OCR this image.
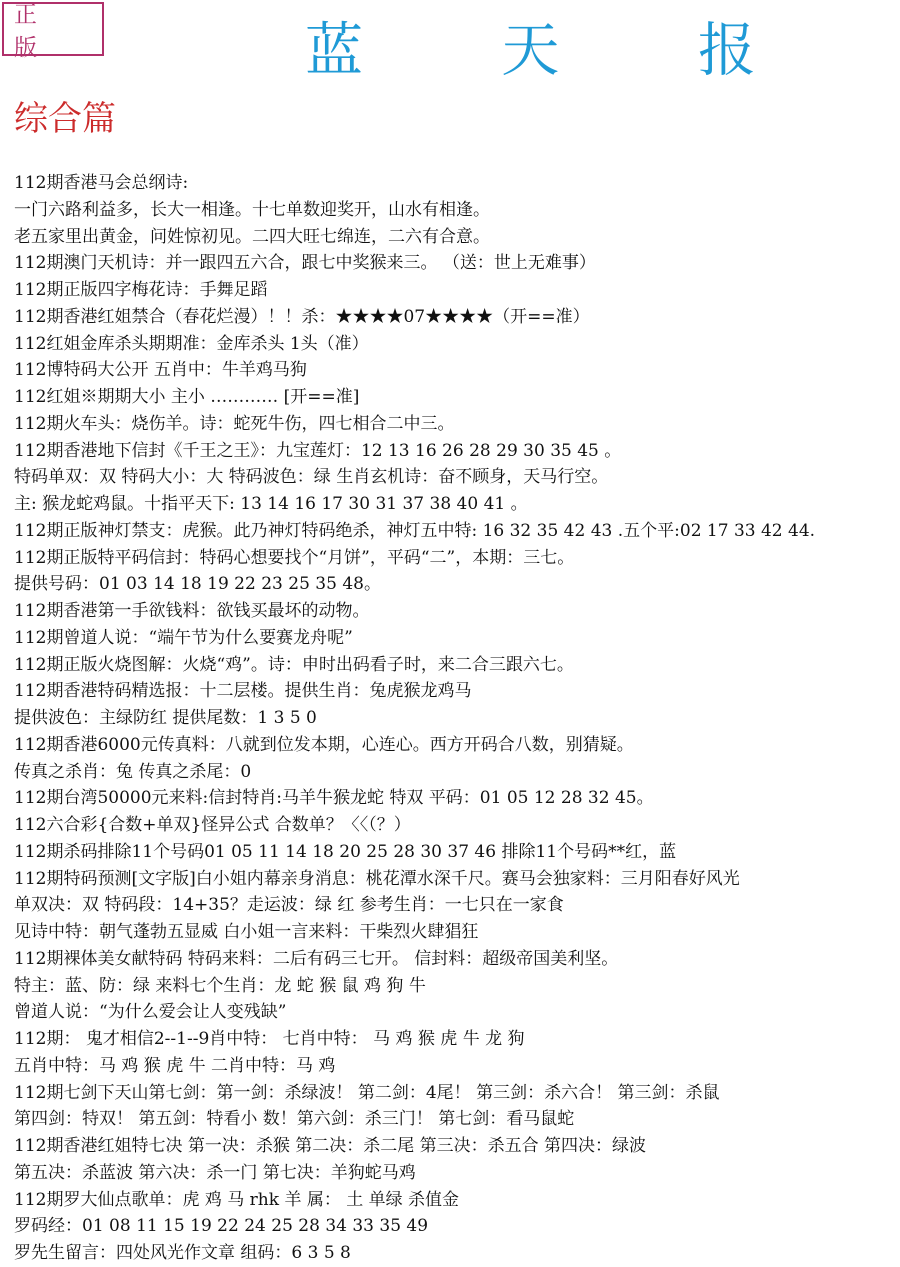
正 版	蓝 天 报
综合篇
112期香港马会总纲诗:
一门六路利益多，长大一相逢。十七单数迎奖开，山水有相逢。
老五家里出黄金，问姓惊初见。二四大旺七绵连，二六有合意。
112期澳门天机诗：并一跟四五六合，跟七中奖猴来三。 （送：世上无难事）
112期正版四字梅花诗：手舞足蹈
112期香港红姐禁合（春花烂漫）！！杀：★★★★07★★★★（开==准）
112红姐金库杀头期期准：金库杀头 1头（准）
112博特码大公开 五肖中：牛羊鸡马狗
112红姐※期期大小 主小 ………… [开==准]
112期火车头：烧伤羊。诗：蛇死牛伤，四七相合二中三。
112期香港地下信封《千王之王》：九宝莲灯：12 13 16 26 28 29 30 35 45 。
特码单双：双 特码大小：大 特码波色：绿 生肖玄机诗：奋不顾身，天马行空。
主: 猴龙蛇鸡鼠。十指平天下: 13 14 16 17 30 31 37 38 40 41 。
112期正版神灯禁支：虎猴。此乃神灯特码绝杀，神灯五中特: 16 32 35 42 43 .五个平:02 17 33 42 44.
112期正版特平码信封：特码心想要找个“月饼”，平码“二”，本期：三七。
提供号码：01 03 14 18 19 22 23 25 35 48。
112期香港第一手欲钱料：欲钱买最坏的动物。
112期曾道人说：“端午节为什么要赛龙舟呢”
112期正版火烧图解：火烧“鸡”。诗：申时出码看子时，来二合三跟六七。
112期香港特码精选报：十二层楼。提供生肖：兔虎猴龙鸡马
提供波色：主绿防红 提供尾数：1 3 5 0
112期香港6000元传真料：八就到位发本期，心连心。西方开码合八数，别猜疑。
传真之杀肖：兔 传真之杀尾：0
112期台湾50000元来料:信封特肖:马羊牛猴龙蛇 特双 平码：01 05 12 28 32 45。
112六合彩{合数+单双}怪异公式 合数单？〈〈（？）
112期杀码排除11个号码01 05 11 14 18 20 25 28 30 37 46 排除11个号码**红，蓝
112期特码预测[文字版]白小姐内幕亲身消息：桃花潭水深千尺。赛马会独家料：三月阳春好风光
单双决：双 特码段：14+35？走运波：绿 红 参考生肖：一七只在一家食
见诗中特：朝气蓬勃五显威 白小姐一言来料：干柴烈火肆猖狂
112期裸体美女献特码 特码来料：二后有码三七开。 信封料：超级帝国美利坚。
特主：蓝、防：绿 来料七个生肖：龙 蛇 猴 鼠 鸡 狗 牛
曾道人说：“为什么爱会让人变残缺”
112期： 鬼才相信2--1--9肖中特： 七肖中特： 马 鸡 猴 虎 牛 龙 狗
五肖中特：马 鸡 猴 虎 牛 二肖中特：马 鸡
112期七剑下天山第七剑：第一剑：杀绿波！ 第二剑：4尾！ 第三剑：杀六合！ 第三剑：杀鼠
第四剑：特双！ 第五剑：特看小 数！第六剑：杀三门！ 第七剑：看马鼠蛇
112期香港红姐特七决 第一决：杀猴 第二决：杀二尾 第三决：杀五合 第四决：绿波
第五决：杀蓝波 第六决：杀一门 第七决：羊狗蛇马鸡
112期罗大仙点歌单：虎 鸡 马 rhk 羊 属： 土 单绿 杀值金
罗码经：01 08 11 15 19 22 24 25 28 34 33 35 49
罗先生留言：四处风光作文章 组码：6 3 5 8
